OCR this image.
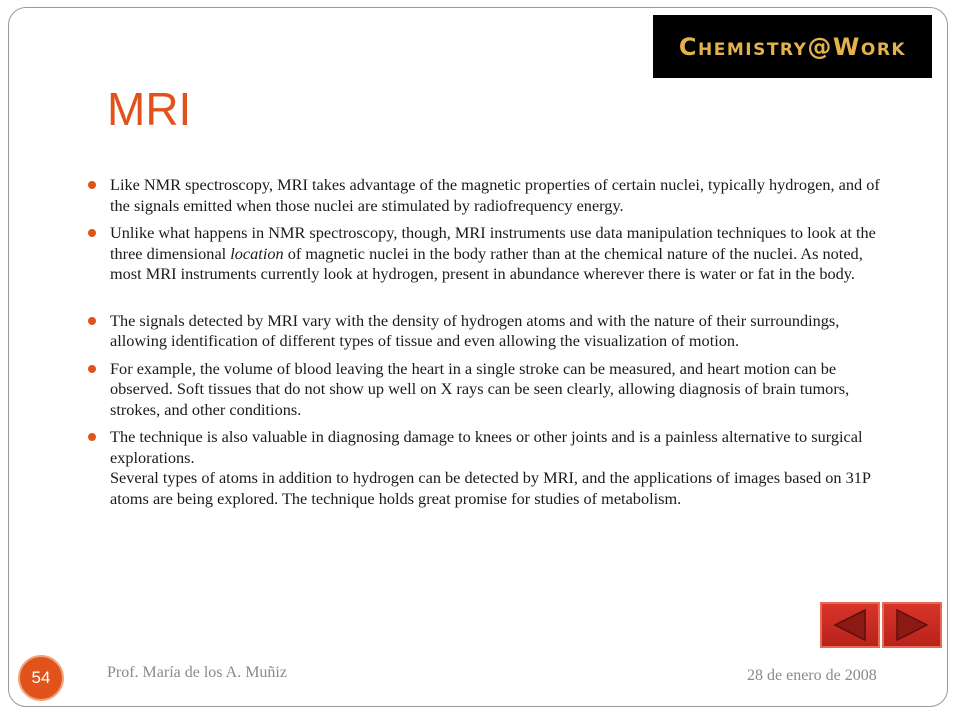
Chemistry@Work
MRI
Like NMR spectroscopy, MRI takes advantage of the magnetic properties of certain nuclei, typically hydrogen, and of the signals emitted when those nuclei are stimulated by radiofrequency energy.
Unlike what happens in NMR spectroscopy, though, MRI instruments use data manipulation techniques to look at the three dimensional location of magnetic nuclei in the body rather than at the chemical nature of the nuclei. As noted, most MRI instruments currently look at hydrogen, present in abundance wherever there is water or fat in the body.
The signals detected by MRI vary with the density of hydrogen atoms and with the nature of their surroundings, allowing identification of different types of tissue and even allowing the visualization of motion.
For example, the volume of blood leaving the heart in a single stroke can be measured, and heart motion can be observed. Soft tissues that do not show up well on X rays can be seen clearly, allowing diagnosis of brain tumors, strokes, and other conditions.
The technique is also valuable in diagnosing damage to knees or other joints and is a painless alternative to surgical explorations.
Several types of atoms in addition to hydrogen can be detected by MRI, and the applications of images based on 31P atoms are being explored. The technique holds great promise for studies of metabolism.
54	Prof. María de los A. Muñiz	28 de enero de 2008
